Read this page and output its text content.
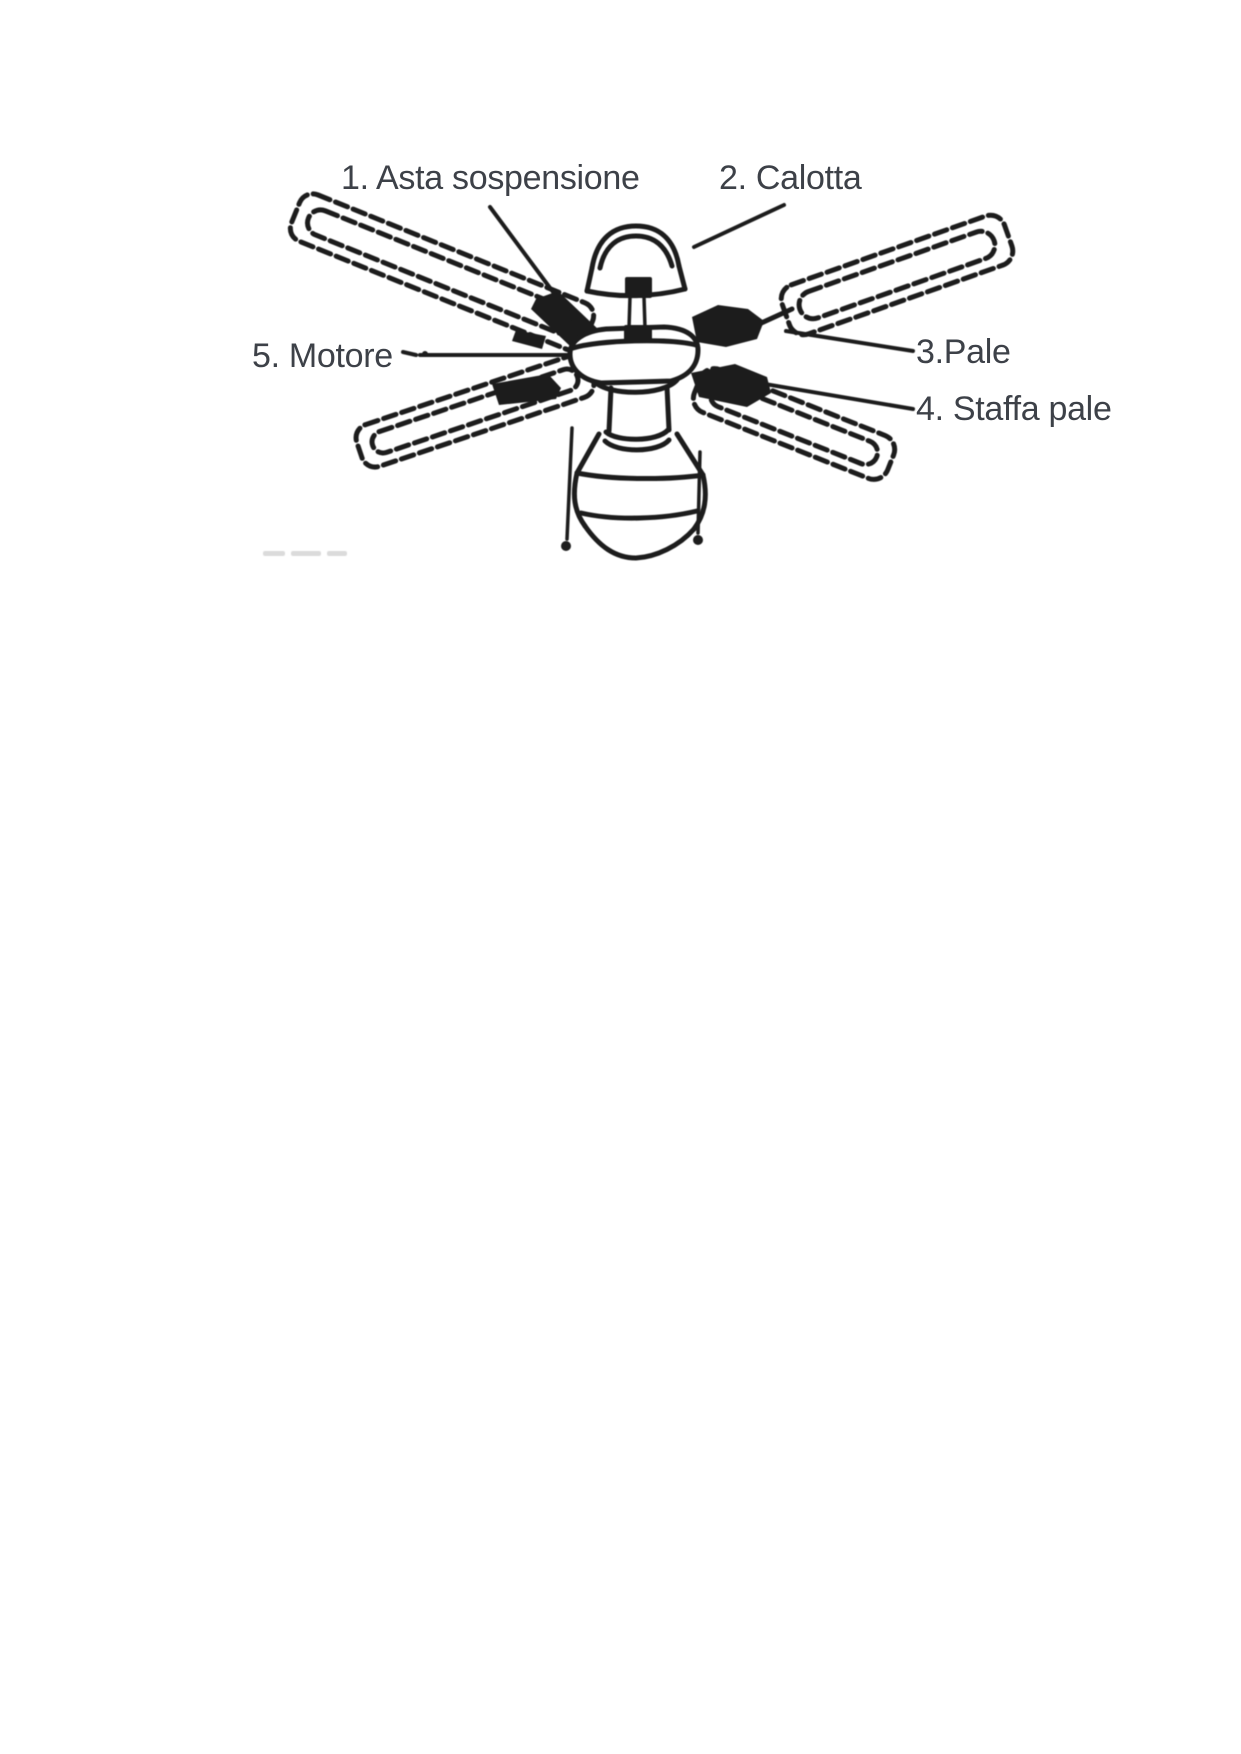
1. Asta sospensione 2. Calotta
3.Pale
4. Staffa pale
5. Motore
